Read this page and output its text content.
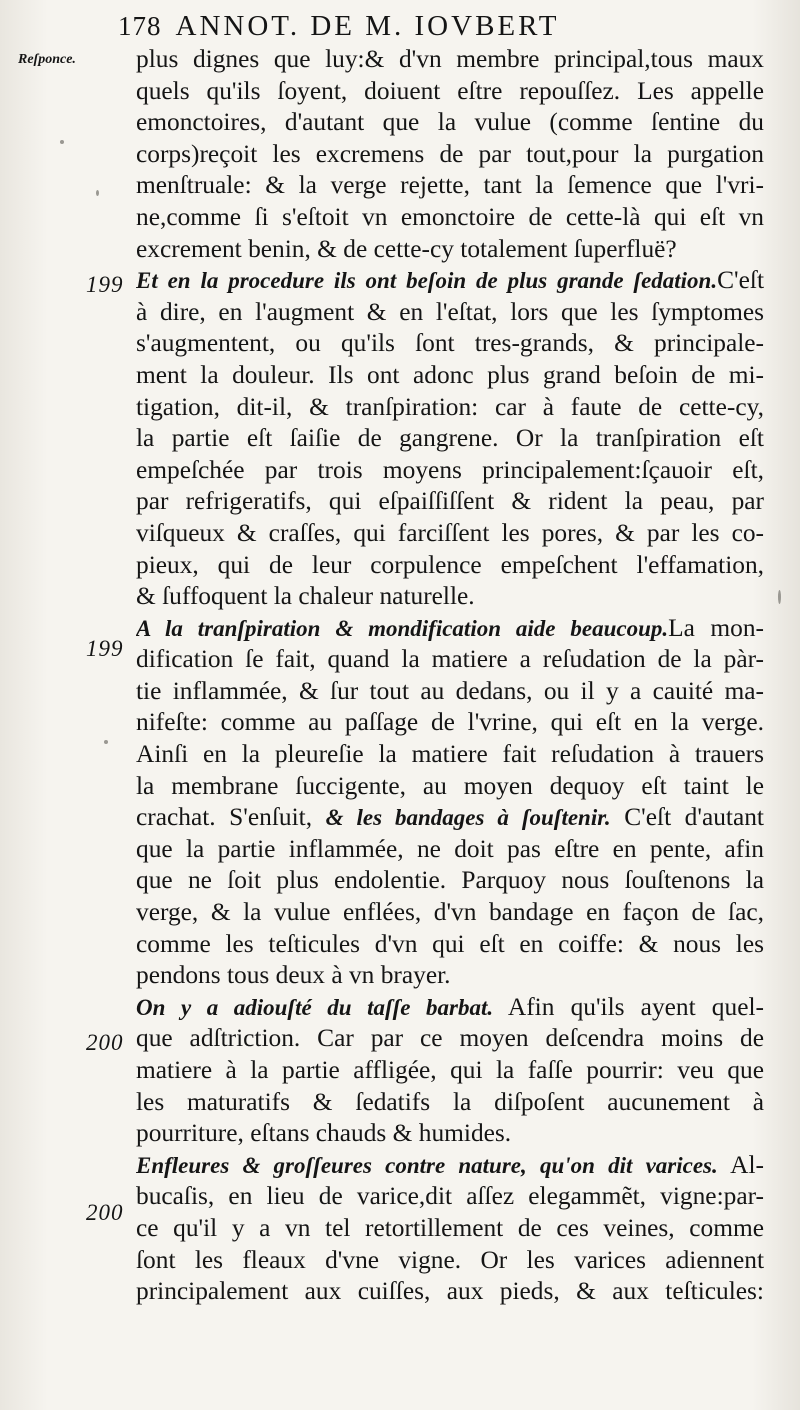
178 ANNOT. DE M. IOVBERT
Reſponce.
199
199
200
200
plus dignes que luy:& d'vn membre principal,tous maux
quels qu'ils ſoyent, doiuent eſtre repouſſez. Les appelle
emonctoires, d'autant que la vulue (comme ſentine du
corps)reçoit les excremens de par tout,pour la purgation
menſtruale: & la verge rejette, tant la ſemence que l'vri-
ne,comme ſi s'eſtoit vn emonctoire de cette-là qui eſt vn
excrement benin, & de cette-cy totalement ſuperfluë?
Et en la procedure ils ont beſoin de plus grande ſedation.C'eſt
à dire, en l'augment & en l'eſtat, lors que les ſymptomes
s'augmentent, ou qu'ils ſont tres-grands, & principale-
ment la douleur. Ils ont adonc plus grand beſoin de mi-
tigation, dit-il, & tranſpiration: car à faute de cette-cy,
la partie eſt ſaiſie de gangrene. Or la tranſpiration eſt
empeſchée par trois moyens principalement:ſçauoir eſt,
par refrigeratifs, qui eſpaiſſiſſent & rident la peau, par
viſqueux & craſſes, qui farciſſent les pores, & par les co-
pieux, qui de leur corpulence empeſchent l'effamation,
& ſuffoquent la chaleur naturelle.
A la tranſpiration & mondification aide beaucoup.La mon-
dification ſe fait, quand la matiere a reſudation de la pàr-
tie inflammée, & ſur tout au dedans, ou il y a cauité ma-
nifeſte: comme au paſſage de l'vrine, qui eſt en la verge.
Ainſi en la pleureſie la matiere fait reſudation à trauers
la membrane ſuccigente, au moyen dequoy eſt taint le
crachat. S'enſuit, & les bandages à ſouſtenir. C'eſt d'autant
que la partie inflammée, ne doit pas eſtre en pente, afin
que ne ſoit plus endolentie. Parquoy nous ſouſtenons la
verge, & la vulue enflées, d'vn bandage en façon de ſac,
comme les teſticules d'vn qui eſt en coiffe: & nous les
pendons tous deux à vn brayer.
On y a adiouſté du taſſe barbat. Afin qu'ils ayent quel-
que adſtriction. Car par ce moyen deſcendra moins de
matiere à la partie affligée, qui la faſſe pourrir: veu que
les maturatifs & ſedatifs la diſpoſent aucunement à
pourriture, eſtans chauds & humides.
Enfleures & groſſeures contre nature, qu'on dit varices. Al-
bucaſis, en lieu de varice,dit aſſez elegammẽt, vigne:par-
ce qu'il y a vn tel retortillement de ces veines, comme
ſont les fleaux d'vne vigne. Or les varices adiennent
principalement aux cuiſſes, aux pieds, & aux teſticules:
